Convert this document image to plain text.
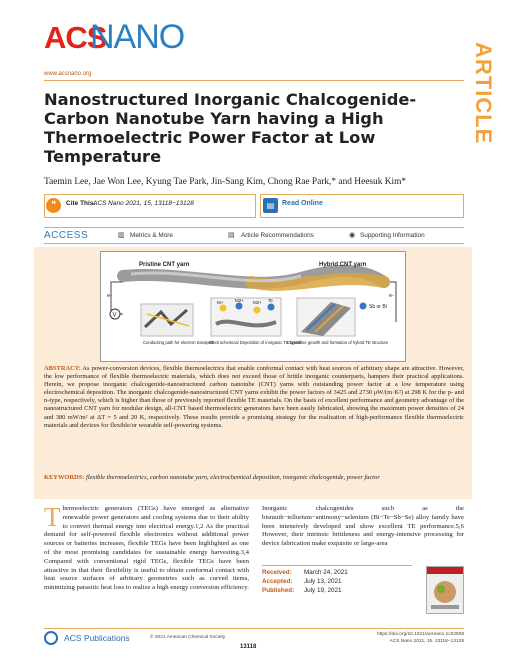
ACS
NANO
www.acsnano.org	ARTICLE
Nanostructured Inorganic Chalcogenide-Carbon Nanotube Yarn having a High Thermoelectric Power Factor at Low Temperature
Taemin Lee, Jae Won Lee, Kyung Tae Park, Jin-Sang Kim, Chong Rae Park,* and Heesuk Kim*
❝	Cite This:
ACS Nano 2021, 15, 13118−13128	▤	Read Online
ACCESS	▥ Metrics & More	▤ Article Recommendations	◉ Supporting Information
V
Pristine CNT yarn	Hybrid CNT yarn
e-	e-
M+	M2+ M2+ Te
Sb or Bi
Conducting path for electron transport
Electrochemical Deposition of inorganic TE layers
Crystalline growth and formation of hybrid TE structure
ABSTRACT: As power-conversion devices, flexible thermoelectrics that enable conformal contact with heat sources of arbitrary shape are attractive. However, the low performance of flexible thermoelectric materials, which does not exceed those of brittle inorganic counterparts, hampers their practical applications. Herein, we propose inorganic chalcogenide-nanostructured carbon nanotube (CNT) yarns with outstanding power factor at a low temperature using electrochemical deposition. The inorganic chalcogenide-nanostructured CNT yarns exhibit the power factors of 3425 and 2730 μW/(m·K²) at 298 K for the p- and n-type, respectively, which is higher than those of previously reported flexible TE materials. On the basis of excellent performance and geometry advantage of the nanostructured CNT yarn for modular design, all-CNT based thermoelectric generators have been easily fabricated, showing the maximum power densities of 24 and 380 mW/m² at ΔT = 5 and 20 K, respectively. These results provide a promising strategy for the realization of high-performance flexible thermoelectric materials and devices for flexible/or wearable self-powering systems.
KEYWORDS: flexible thermoelectrics, carbon nanotube yarn, electrochemical deposition, inorganic chalcogenide, power factor
Thermoelectric generators (TEGs) have emerged as alternative renewable power generators and cooling systems due to their ability to convert thermal energy into electrical energy.1,2 As the practical demand for self-powered flexible electronics without additional power sources or batteries increases, flexible TEGs have been highlighted as one of the most promising candidates for sustainable energy harvesting.3,4 Compared with conventional rigid TEGs, flexible TEGs have been attractive in that their flexibility is useful to obtain conformal contact with heat source surfaces of arbitrary geometries such as curved items, minimizing parasitic heat loss to realize a high energy conversion efficiency.
Inorganic chalcogenides such as the bismuth−tellurium−antimony−selenium (Bi−Te−Sb−Se) alloy family have been intensively developed and show excellent TE performance.5,6 However, their intrinsic brittleness and energy-intensive processing for device fabrication make exquisite or large-area
Received: March 24, 2021
Accepted: July 13, 2021
Published: July 19, 2021
ACS Publications	© 2021 American Chemical Society
13118
https://doi.org/10.1021/acsnano.1c02508
ACS Nano 2021, 15, 13118−13128
